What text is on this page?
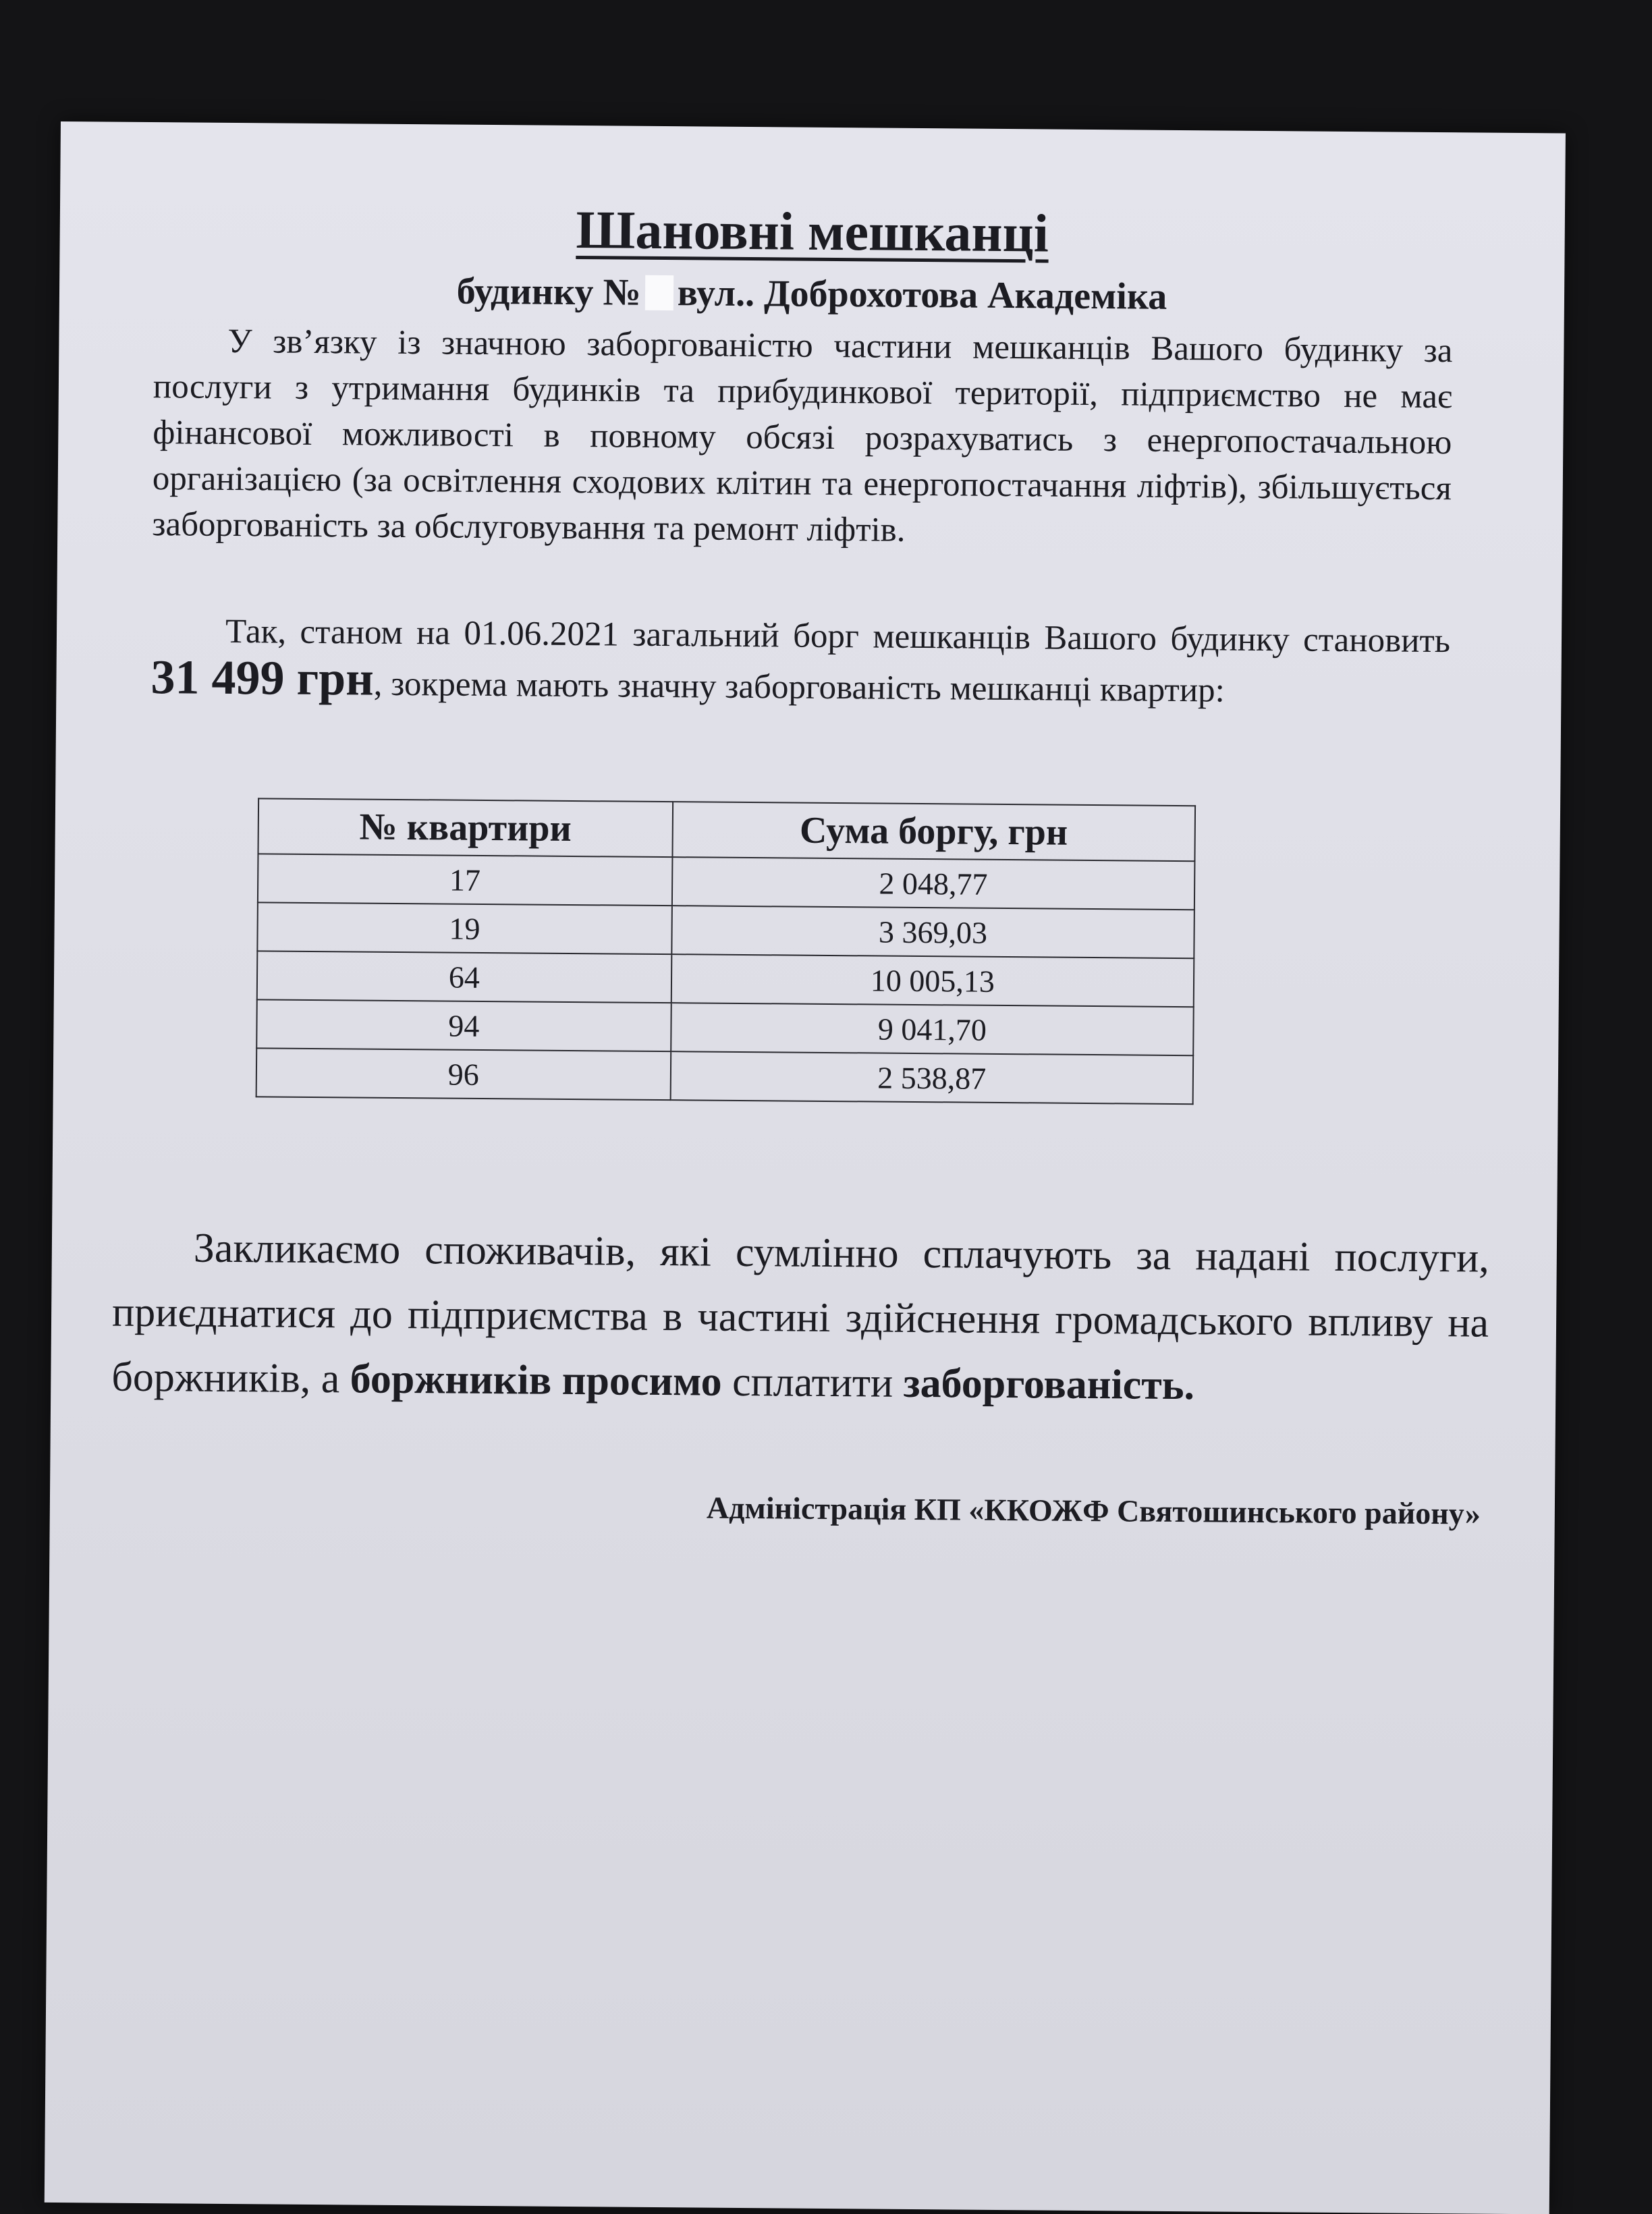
Шановні мешканці

будинку № вул.. Доброхотова Академіка

У зв’язку із значною заборгованістю частини мешканців Вашого будинку за послуги з утримання будинків та прибудинкової території, підприємство не має фінансової можливості в повному обсязі розрахуватись з енергопостачальною організацією (за освітлення сходових клітин та енергопостачання ліфтів), збільшується заборгованість за обслуговування та ремонт ліфтів.

Так, станом на 01.06.2021 загальний борг мешканців Вашого будинку становить 31 499 грн, зокрема мають значну заборгованість мешканці квартир:

№ квартири	Сума боргу, грн
17	2 048,77
19	3 369,03
64	10 005,13
94	9 041,70
96	2 538,87

Закликаємо споживачів, які сумлінно сплачують за надані послуги, приєднатися до підприємства в частині здійснення громадського впливу на боржників, а боржників просимо сплатити заборгованість.

Адміністрація КП «ККОЖФ Святошинського району»
